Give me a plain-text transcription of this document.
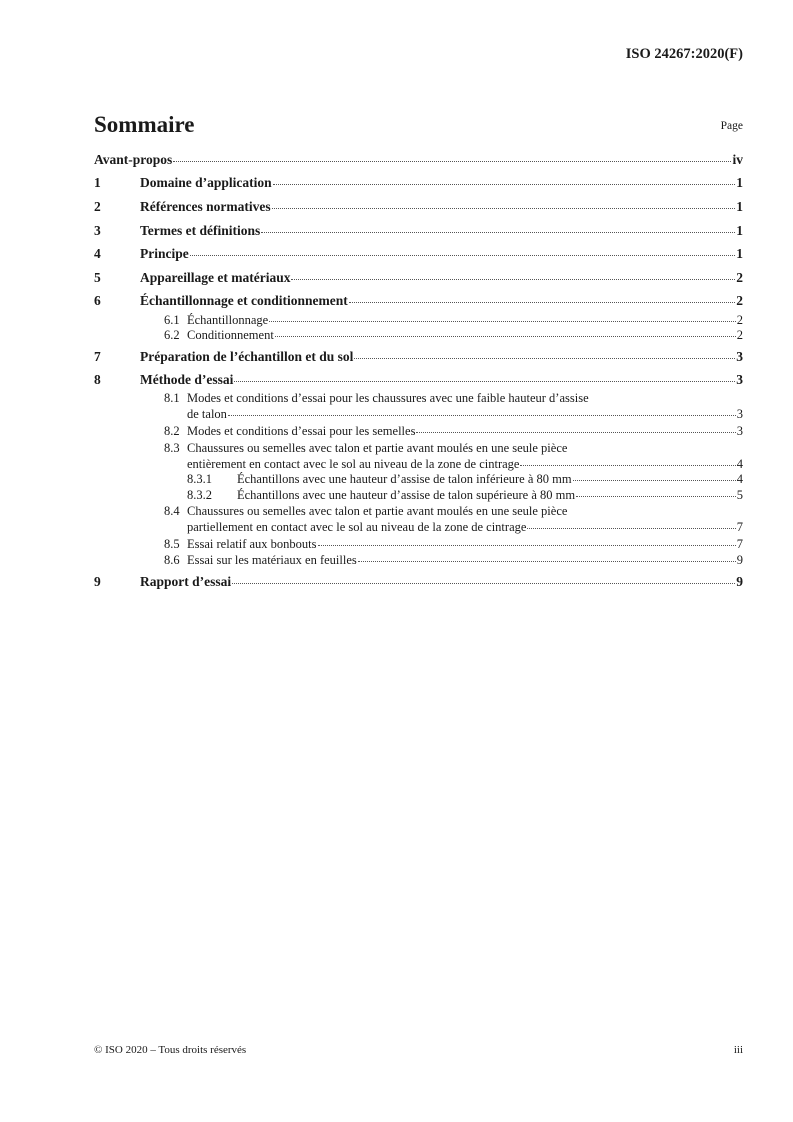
ISO 24267:2020(F)
Sommaire	Page
Avant-propos	iv
1	Domaine d’application	1
2	Références normatives	1
3	Termes et définitions	1
4	Principe	1
5	Appareillage et matériaux	2
6	Échantillonnage et conditionnement	2
6.1 Échantillonnage	2
6.2 Conditionnement	2
7	Préparation de l’échantillon et du sol	3
8	Méthode d’essai	3
8.1 Modes et conditions d’essai pour les chaussures avec une faible hauteur d’assise
de talon	3
8.2 Modes et conditions d’essai pour les semelles	3
8.3 Chaussures ou semelles avec talon et partie avant moulés en une seule pièce
entièrement en contact avec le sol au niveau de la zone de cintrage	4
8.3.1 Échantillons avec une hauteur d’assise de talon inférieure à 80 mm	4
8.3.2 Échantillons avec une hauteur d’assise de talon supérieure à 80 mm	5
8.4 Chaussures ou semelles avec talon et partie avant moulés en une seule pièce
partiellement en contact avec le sol au niveau de la zone de cintrage	7
8.5 Essai relatif aux bonbouts	7
8.6 Essai sur les matériaux en feuilles	9
9	Rapport d’essai	9
© ISO 2020 – Tous droits réservés	iii
